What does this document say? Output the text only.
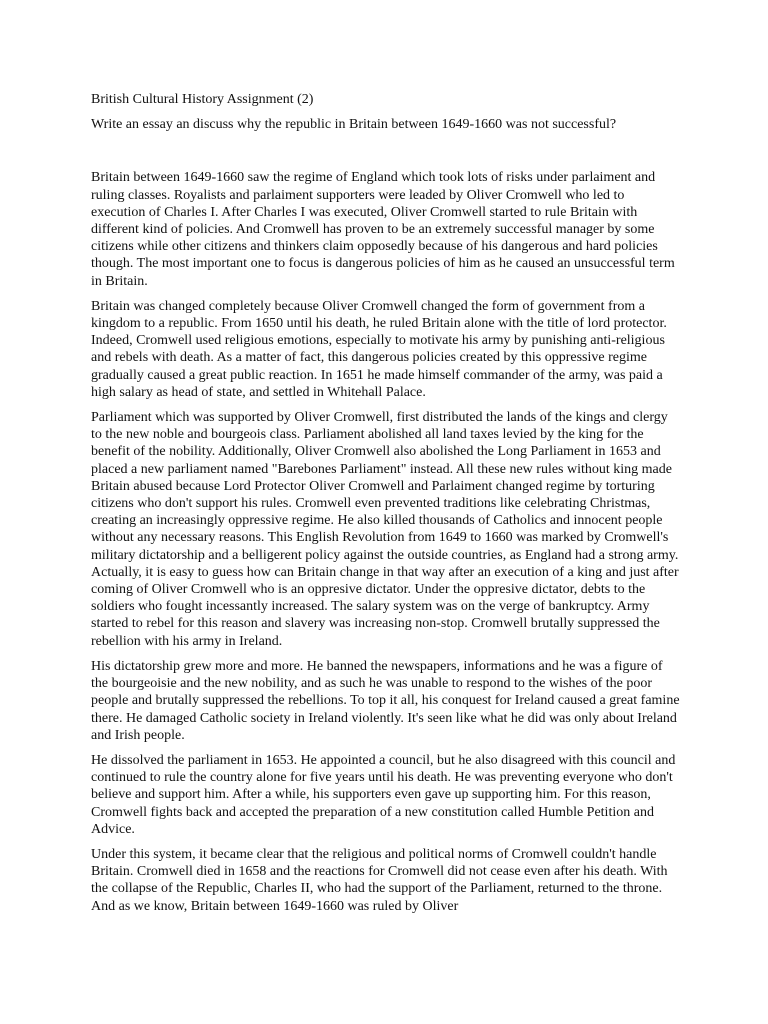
British Cultural History Assignment (2)

Write an essay an discuss why the republic in Britain between 1649-1660 was not successful?

Britain between 1649-1660 saw the regime of England which took lots of risks under parlaiment and ruling classes. Royalists and parlaiment supporters were leaded by Oliver Cromwell who led to execution of Charles I. After Charles I was executed, Oliver Cromwell started to rule Britain with different kind of policies. And Cromwell has proven to be an extremely successful manager by some citizens while other citizens and thinkers claim opposedly because of his dangerous and hard policies though. The most important one to focus is dangerous policies of him as he caused an unsuccessful term in Britain.

Britain was changed completely because Oliver Cromwell changed the form of government from a kingdom to a republic. From 1650 until his death, he ruled Britain alone with the title of lord protector. Indeed, Cromwell used religious emotions, especially to motivate his army by punishing anti-religious and rebels with death. As a matter of fact, this dangerous policies created by this oppressive regime gradually caused a great public reaction. In 1651 he made himself commander of the army, was paid a high salary as head of state, and settled in Whitehall Palace.

Parliament which was supported by Oliver Cromwell, first distributed the lands of the kings and clergy to the new noble and bourgeois class. Parliament abolished all land taxes levied by the king for the benefit of the nobility. Additionally, Oliver Cromwell also abolished the Long Parliament in 1653 and placed a new parliament named "Barebones Parliament" instead. All these new rules without king made Britain abused because Lord Protector Oliver Cromwell and Parlaiment changed regime by torturing citizens who don't support his rules. Cromwell even prevented traditions like celebrating Christmas, creating an increasingly oppressive regime. He also killed thousands of Catholics and innocent people without any necessary reasons. This English Revolution from 1649 to 1660 was marked by Cromwell's military dictatorship and a belligerent policy against the outside countries, as England had a strong army. Actually, it is easy to guess how can Britain change in that way after an execution of a king and just after coming of Oliver Cromwell who is an oppresive dictator. Under the oppresive dictator, debts to the soldiers who fought incessantly increased. The salary system was on the verge of bankruptcy. Army started to rebel for this reason and slavery was increasing non-stop. Cromwell brutally suppressed the rebellion with his army in Ireland.

His dictatorship grew more and more. He banned the newspapers, informations and he was a figure of the bourgeoisie and the new nobility, and as such he was unable to respond to the wishes of the poor people and brutally suppressed the rebellions. To top it all, his conquest for Ireland caused a great famine there. He damaged Catholic society in Ireland violently. It's seen like what he did was only about Ireland and Irish people.

He dissolved the parliament in 1653. He appointed a council, but he also disagreed with this council and continued to rule the country alone for five years until his death. He was preventing everyone who don't believe and support him. After a while, his supporters even gave up supporting him. For this reason, Cromwell fights back and accepted the preparation of a new constitution called Humble Petition and Advice.

Under this system, it became clear that the religious and political norms of Cromwell couldn't handle Britain. Cromwell died in 1658 and the reactions for Cromwell did not cease even after his death. With the collapse of the Republic, Charles II, who had the support of the Parliament, returned to the throne. And as we know, Britain between 1649-1660 was ruled by Oliver
